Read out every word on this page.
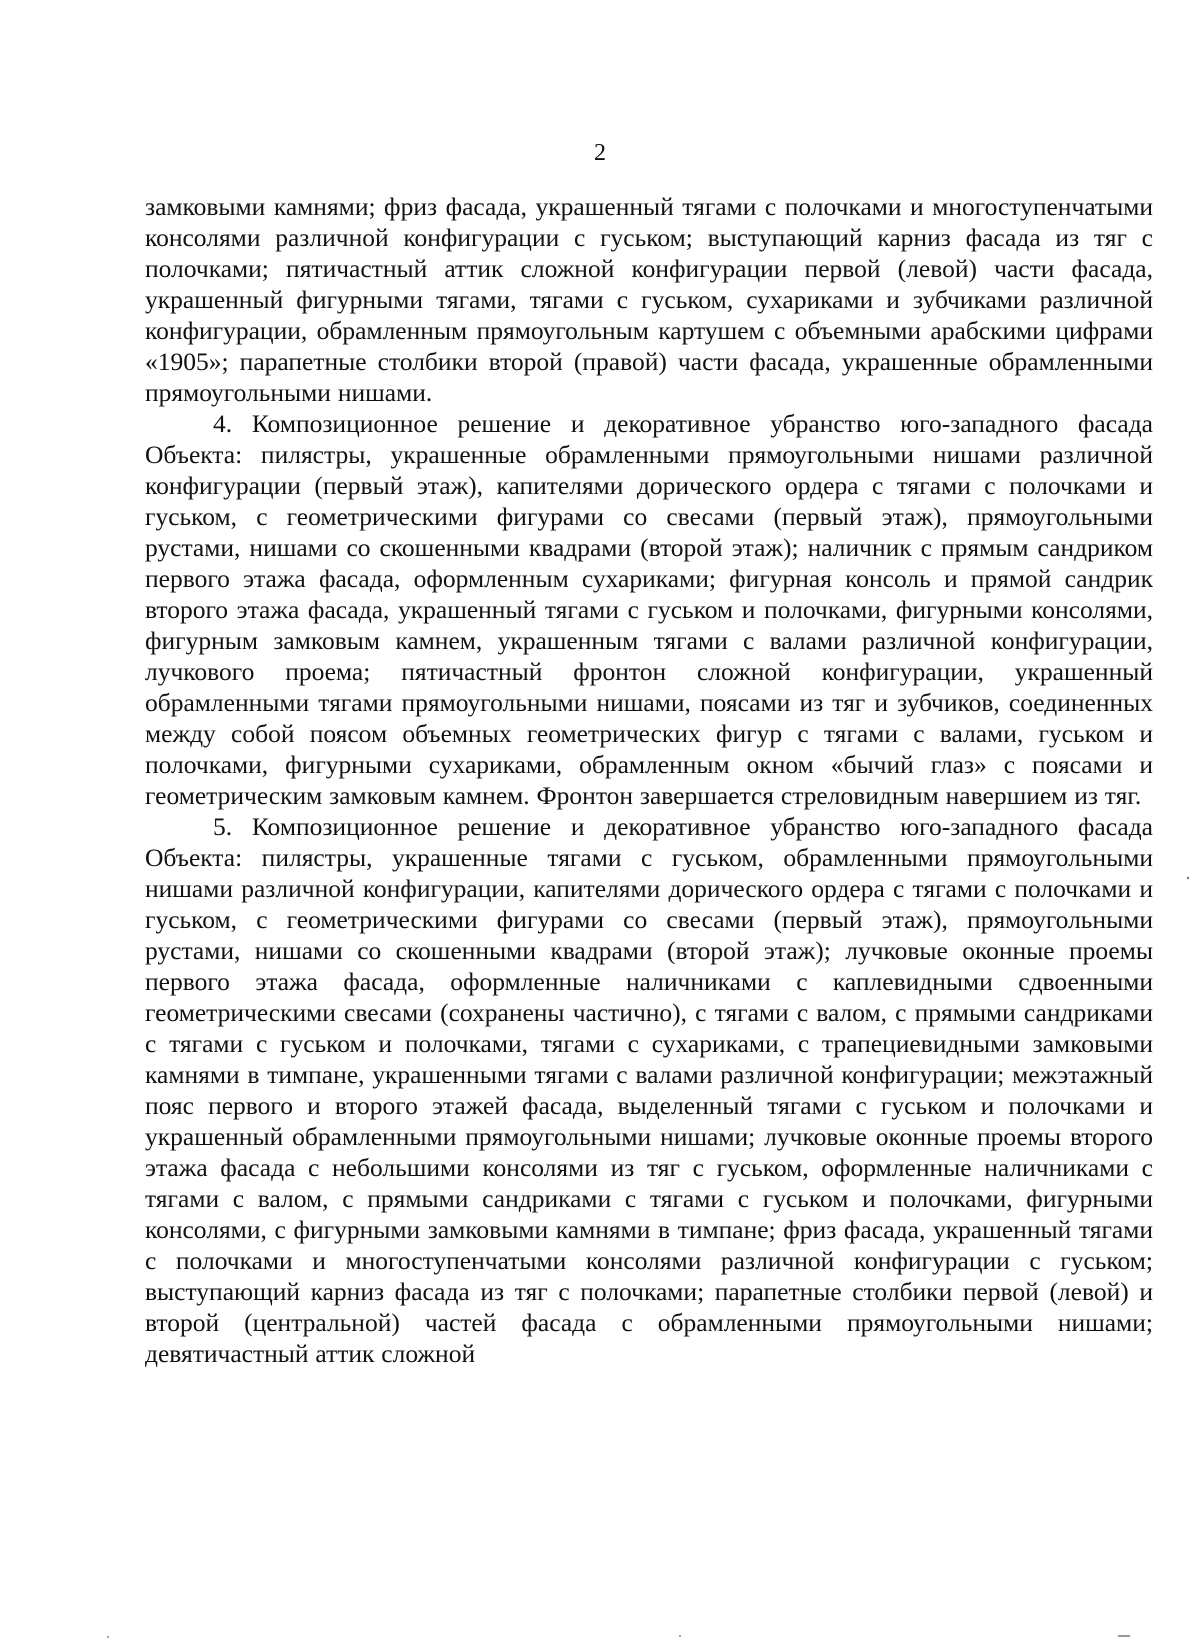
2

замковыми камнями; фриз фасада, украшенный тягами с полочками и многоступенчатыми консолями различной конфигурации с гуськом; выступающий карниз фасада из тяг с полочками; пятичастный аттик сложной конфигурации первой (левой) части фасада, украшенный фигурными тягами, тягами с гуськом, сухариками и зубчиками различной конфигурации, обрамленным прямоугольным картушем с объемными арабскими цифрами «1905»; парапетные столбики второй (правой) части фасада, украшенные обрамленными прямоугольными нишами.

4. Композиционное решение и декоративное убранство юго-западного фасада Объекта: пилястры, украшенные обрамленными прямоугольными нишами различной конфигурации (первый этаж), капителями дорического ордера с тягами с полочками и гуськом, с геометрическими фигурами со свесами (первый этаж), прямоугольными рустами, нишами со скошенными квадрами (второй этаж); наличник с прямым сандриком первого этажа фасада, оформленным сухариками; фигурная консоль и прямой сандрик второго этажа фасада, украшенный тягами с гуськом и полочками, фигурными консолями, фигурным замковым камнем, украшенным тягами с валами различной конфигурации, лучкового проема; пятичастный фронтон сложной конфигурации, украшенный обрамленными тягами прямоугольными нишами, поясами из тяг и зубчиков, соединенных между собой поясом объемных геометрических фигур с тягами с валами, гуськом и полочками, фигурными сухариками, обрамленным окном «бычий глаз» с поясами и геометрическим замковым камнем. Фронтон завершается стреловидным навершием из тяг.

5. Композиционное решение и декоративное убранство юго-западного фасада Объекта: пилястры, украшенные тягами с гуськом, обрамленными прямоугольными нишами различной конфигурации, капителями дорического ордера с тягами с полочками и гуськом, с геометрическими фигурами со свесами (первый этаж), прямоугольными рустами, нишами со скошенными квадрами (второй этаж); лучковые оконные проемы первого этажа фасада, оформленные наличниками с каплевидными сдвоенными геометрическими свесами (сохранены частично), с тягами с валом, с прямыми сандриками с тягами с гуськом и полочками, тягами с сухариками, с трапециевидными замковыми камнями в тимпане, украшенными тягами с валами различной конфигурации; межэтажный пояс первого и второго этажей фасада, выделенный тягами с гуськом и полочками и украшенный обрамленными прямоугольными нишами; лучковые оконные проемы второго этажа фасада с небольшими консолями из тяг с гуськом, оформленные наличниками с тягами с валом, с прямыми сандриками с тягами с гуськом и полочками, фигурными консолями, с фигурными замковыми камнями в тимпане; фриз фасада, украшенный тягами с полочками и многоступенчатыми консолями различной конфигурации с гуськом; выступающий карниз фасада из тяг с полочками; парапетные столбики первой (левой) и второй (центральной) частей фасада с обрамленными прямоугольными нишами; девятичастный аттик сложной
